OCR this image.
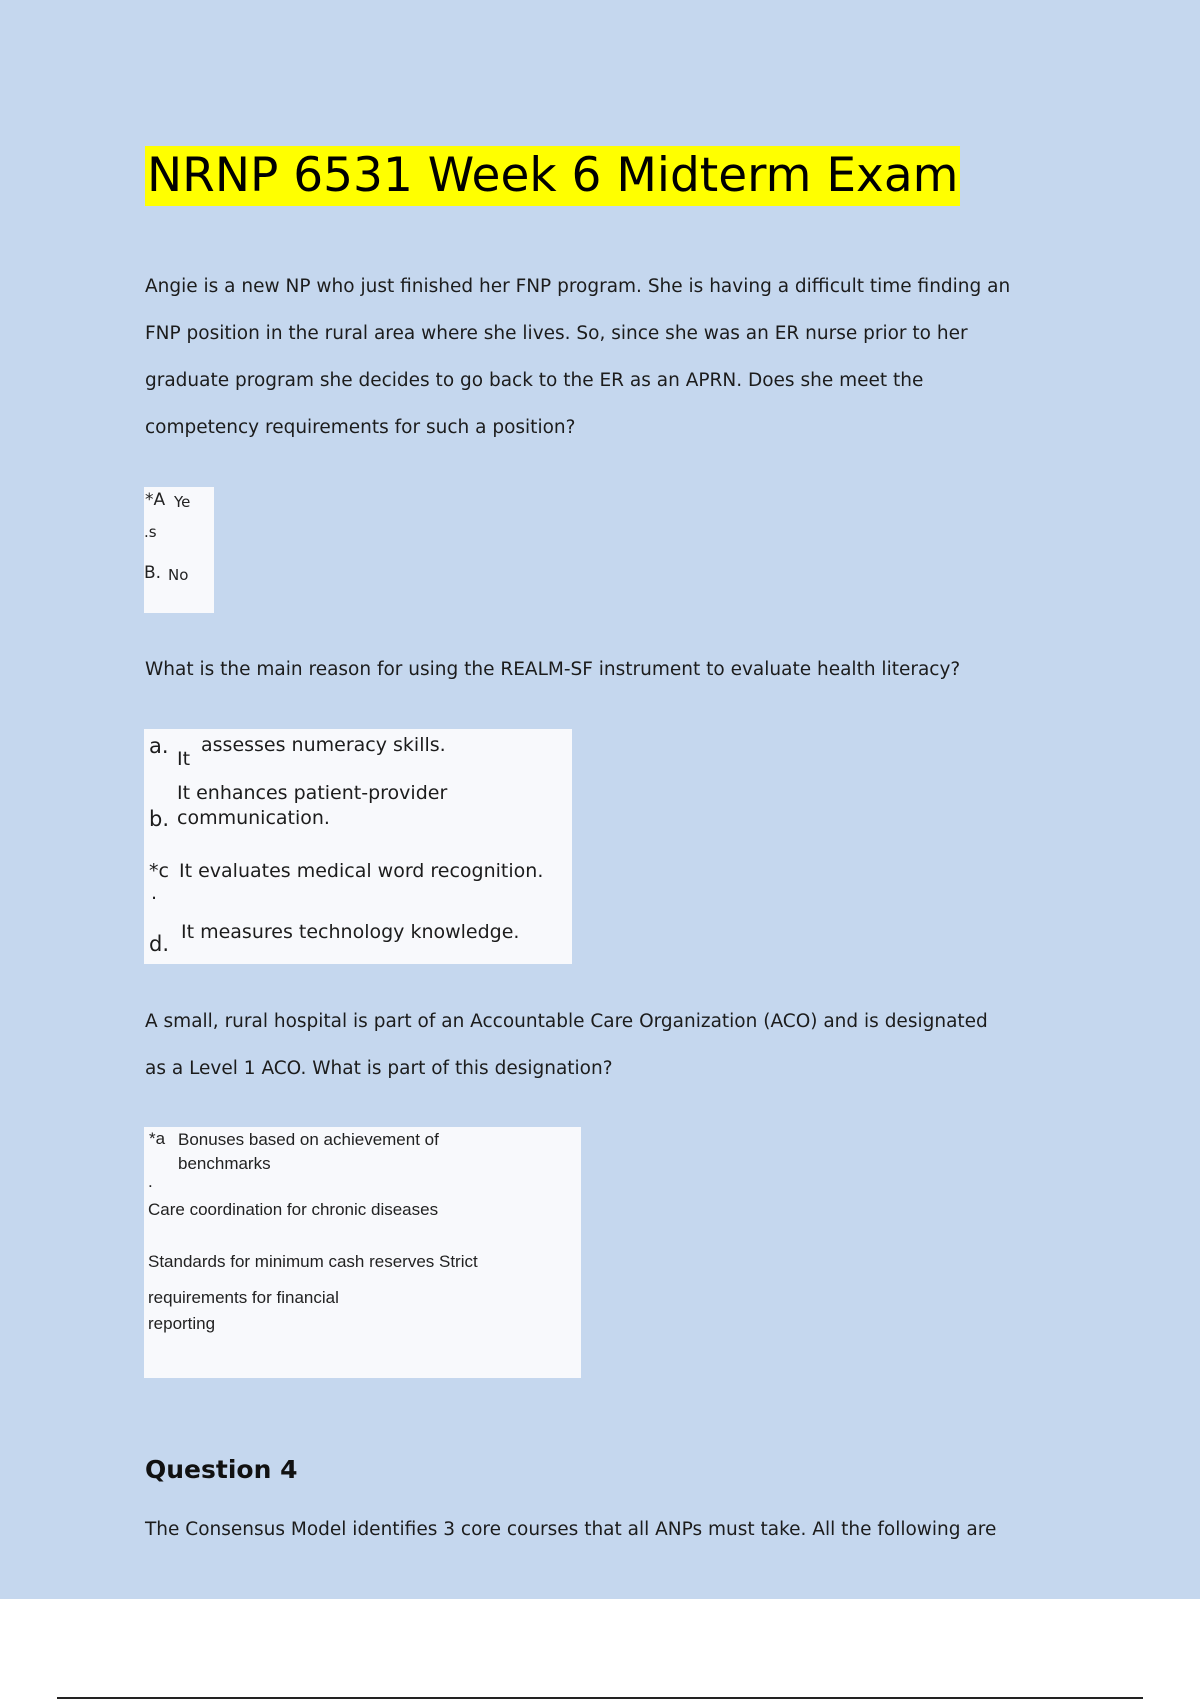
NRNP 6531 Week 6 Midterm Exam
Angie is a new NP who just finished her FNP program. She is having a difficult time finding an
FNP position in the rural area where she lives. So, since she was an ER nurse prior to her
graduate program she decides to go back to the ER as an APRN. Does she meet the
competency requirements for such a position?
*A Ye
.s
B. No
What is the main reason for using the REALM-SF instrument to evaluate health literacy?
a.
It
assesses numeracy skills.
It enhances patient-provider
b. communication.
*c
.
It evaluates medical word recognition.
It measures technology knowledge.
d.
A small, rural hospital is part of an Accountable Care Organization (ACO) and is designated
as a Level 1 ACO. What is part of this designation?
*a Bonuses based on achievement of
benchmarks
.
Care coordination for chronic diseases
Standards for minimum cash reserves Strict
requirements for financial
reporting
Question 4
The Consensus Model identifies 3 core courses that all ANPs must take. All the following are
